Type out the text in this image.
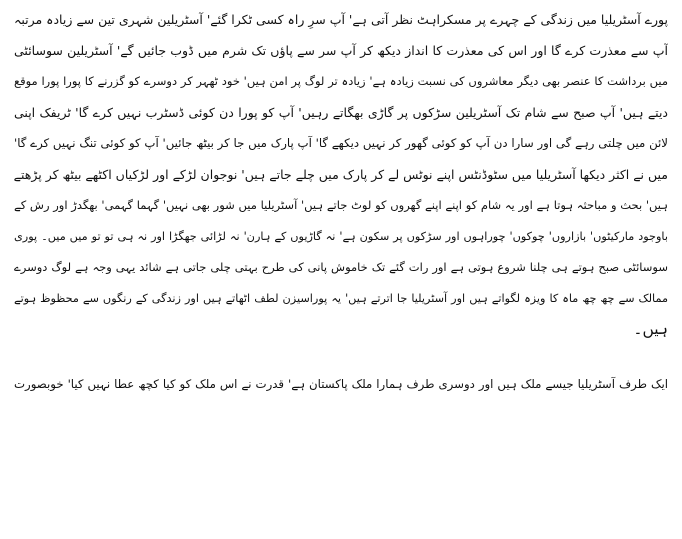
پورے آسٹریلیا میں زندگی کے چہرے پر مسکراہٹ نظر آتی ہے' آپ سرِ راہ کسی ٹکرا گئے' آسٹریلین شہری تین سے زیادہ مرتبہ
آپ سے معذرت کرے گا اور اس کی معذرت کا انداز دیکھ کر آپ سر سے پاؤں تک شرم میں ڈوب جائیں گے' آسٹریلین سوسائٹی
میں برداشت کا عنصر بھی دیگر معاشروں کی نسبت زیادہ ہے' زیادہ تر لوگ پر امن ہیں' خود ٹھہر کر دوسرے کو گزرنے کا پورا پورا موقع
دیتے ہیں' آپ صبح سے شام تک آسٹریلین سڑکوں پر گاڑی بھگاتے رہیں' آپ کو پورا دن کوئی ڈسٹرب نہیں کرے گا' ٹریفک اپنی
لائن میں چلتی رہے گی اور سارا دن آپ کو کوئی گھور کر نہیں دیکھے گا' آپ پارک میں جا کر بیٹھ جائیں' آپ کو کوئی تنگ نہیں کرے گا'
میں نے اکثر دیکھا آسٹریلیا میں سٹوڈنٹس اپنے نوٹس لے کر پارک میں چلے جاتے ہیں' نوجوان لڑکے اور لڑکیاں اکٹھے بیٹھ کر پڑھتے
ہیں' بحث و مباحثہ ہوتا ہے اور یہ شام کو اپنے اپنے گھروں کو لوٹ جاتے ہیں' آسٹریلیا میں شور بھی نہیں' گہما گہمی' بھگدڑ اور رش کے
باوجود مارکیٹوں' بازاروں' چوکوں' چوراہوں اور سڑکوں پر سکون ہے' نہ گاڑیوں کے ہارن' نہ لڑائی جھگڑا اور نہ ہی تو تو میں میں۔ پوری
سوسائٹی صبح ہوتے ہی چلنا شروع ہوتی ہے اور رات گئے تک خاموش پانی کی طرح بہتی چلی جاتی ہے شائد یہی وجہ ہے لوگ دوسرے
ممالک سے چھ چھ ماہ کا ویزہ لگواتے ہیں اور آسٹریلیا جا اترتے ہیں' یہ پوراسیزن لطف اٹھاتے ہیں اور زندگی کے رنگوں سے محظوظ ہوتے
ہیں۔
ایک طرف آسٹریلیا جیسے ملک ہیں اور دوسری طرف ہمارا ملک پاکستان ہے' قدرت نے اس ملک کو کیا کچھ عطا نہیں کیا' خوبصورت
